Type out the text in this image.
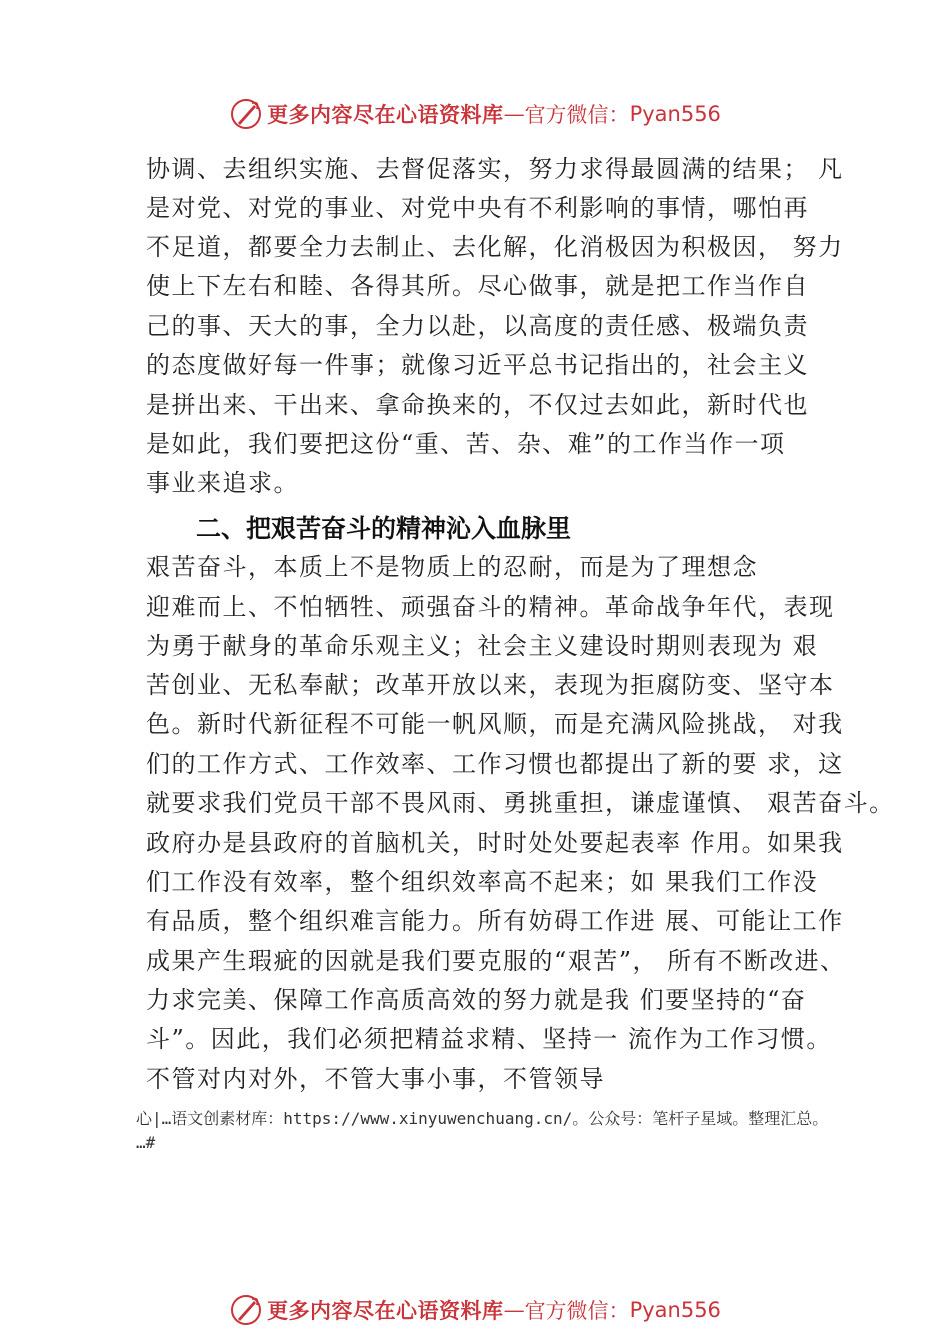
更多内容尽在心语资料库 — 官方微信： Pyan556
协调、去组织实施、去督促落实，努力求得最圆满的结果； 凡
是对党、对党的事业、对党中央有不利影响的事情，哪怕再
不足道，都要全力去制止、去化解，化消极因为积极因， 努力
使上下左右和睦、各得其所。尽心做事，就是把工作当作自
己的事、天大的事，全力以赴，以高度的责任感、极端负责
的态度做好每一件事；就像习近平总书记指出的，社会主义
是拼出来、干出来、拿命换来的，不仅过去如此，新时代也
是如此，我们要把这份“重、苦、杂、难”的工作当作一项
事业来追求。
二、把艰苦奋斗的精神沁入血脉里
艰苦奋斗，本质上不是物质上的忍耐，而是为了理想念
迎难而上、不怕牺牲、顽强奋斗的精神。革命战争年代，表现
为勇于献身的革命乐观主义；社会主义建设时期则表现为 艰
苦创业、无私奉献；改革开放以来，表现为拒腐防变、坚守本
色。新时代新征程不可能一帆风顺，而是充满风险挑战， 对我
们的工作方式、工作效率、工作习惯也都提出了新的要 求，这
就要求我们党员干部不畏风雨、勇挑重担，谦虚谨慎、 艰苦奋斗。
政府办是县政府的首脑机关，时时处处要起表率 作用。如果我
们工作没有效率，整个组织效率高不起来；如 果我们工作没
有品质，整个组织难言能力。所有妨碍工作进 展、可能让工作
成果产生瑕疵的因就是我们要克服的“艰苦”， 所有不断改进、
力求完美、保障工作高质高效的努力就是我 们要坚持的“奋
斗”。因此，我们必须把精益求精、坚持一 流作为工作习惯。
不管对内对外，不管大事小事，不管领导
心|…语文创素材库：https://www.xinyuwenchuang.cn/。公众号：笔杆子星域。整理汇总。
…#
更多内容尽在心语资料库 — 官方微信： Pyan556
